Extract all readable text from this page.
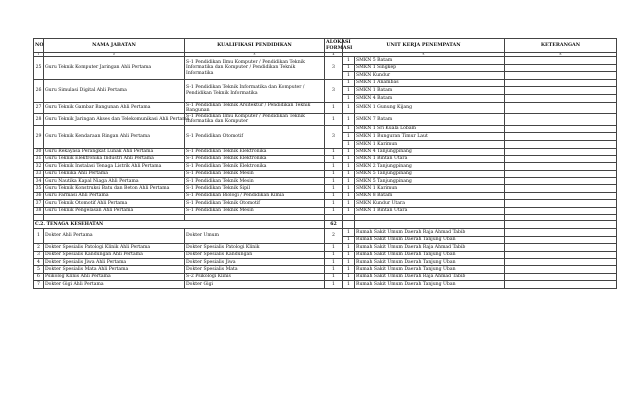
NO	NAMA JABATAN	KUALIFIKASI PENDIDIKAN	ALOKASI FORMASI	UNIT KERJA PENEMPATAN		KETERANGAN
1	2	3	4	5		6
25	Guru Teknik Komputer Jaringan Ahli Pertama	S-1 Pendidikan Ilmu Komputer / Pendidikan Teknik Informatika dan Komputer / Pendidikan Teknik Informatika	3	1	SMKN 5 Batam	
				1	SMKN 1 Singkep	
				1	SMKN Kundur	
26	Guru Simulasi Digital Ahli Pertama	S-1 Pendidikan Teknik Informatika dan Komputer / Pendidikan Teknik Informatika	3	1	SMKN 1 Anambas	
				1	SMKN 1 Batam	
				1	SMKN 4 Batam	
27	Guru Teknik Gambar Bangunan Ahli Pertama	S-1 Pendidikan Teknik Arsitektur / Pendidikan Teknik Bangunan	1	1	SMKN 1 Gunung Kijang	
28	Guru Teknik Jaringan Akses dan Telekomunikasi Ahli Pertama	S-1 Pendidikan Ilmu Komputer / Pendidikan Teknik Informatika dan Komputer	1	1	SMKN 7 Batam	
29	Guru Teknik Kendaraan Ringan Ahli Pertama	S-1 Pendidikan Otomotif	3	1	SMKN 1 Sri Kuala Lobam	
				1	SMKN 1 Bunguran Timur Laut	
				1	SMKN 1 Karimun	
30	Guru Rekayasa Perangkat Lunak Ahli Pertama	S-1 Pendidikan Teknik Elektronika	1	1	SMKN 4 Tanjungpinang	
31	Guru Teknik Elektronika Industri Ahli Pertama	S-1 Pendidikan Teknik Elektronika	1	1	SMKN 1 Bintan Utara	
32	Guru Teknik Instalasi Tenaga Listrik Ahli Pertama	S-1 Pendidikan Teknik Elektronika	1	1	SMKN 2 Tanjungpinang	
33	Guru Teknika Ahli Pertama	S-1 Pendidikan Teknik Mesin	1	1	SMKN 5 Tanjungpinang	
34	Guru Nautika Kapal Niaga Ahli Pertama	S-1 Pendidikan Teknik Mesin	1	1	SMKN 5 Tanjungpinang	
35	Guru Teknik Konstruksi Batu dan Beton Ahli Pertama	S-1 Pendidikan Teknik Sipil	1	1	SMKN 1 Karimun	
36	Guru Farmasi Ahli Pertama	S-1 Pendidikan Biologi / Pendidikan Kimia	1	1	SMKN 8 Batam	
37	Guru Teknik Otomotif Ahli Pertama	S-1 Pendidikan Teknik Otomotif	1	1	SMKN Kundur Utara	
38	Guru Teknik Pengelasan Ahli Pertama	S-1 Pendidikan Teknik Mesin	1	1	SMKN 1 Bintan Utara	

C.2. TENAGA KESEHATAN			62			
1	Dokter Ahli Pertama	Dokter Umum	2	1	Rumah Sakit Umum Daerah Raja Ahmad Tabib	
				1	Rumah Sakit Umum Daerah Tanjung Uban	
2	Dokter Spesialis Patologi Klinik Ahli Pertama	Dokter Spesialis Patologi Klinik	1	1	Rumah Sakit Umum Daerah Raja Ahmad Tabib	
3	Dokter Spesialis Kandungan Ahli Pertama	Dokter Spesialis Kandungan	1	1	Rumah Sakit Umum Daerah Tanjung Uban	
4	Dokter Spesialis Jiwa Ahli Pertama	Dokter Spesialis Jiwa	1	1	Rumah Sakit Umum Daerah Tanjung Uban	
5	Dokter Spesialis Mata Ahli Pertama	Dokter Spesialis Mata	1	1	Rumah Sakit Umum Daerah Tanjung Uban	
6	Psikolog Klinis Ahli Pertama	S-2 Psikologi Klinis	1	1	Rumah Sakit Umum Daerah Raja Ahmad Tabib	
7	Dokter Gigi Ahli Pertama	Dokter Gigi	1	1	Rumah Sakit Umum Daerah Tanjung Uban	
